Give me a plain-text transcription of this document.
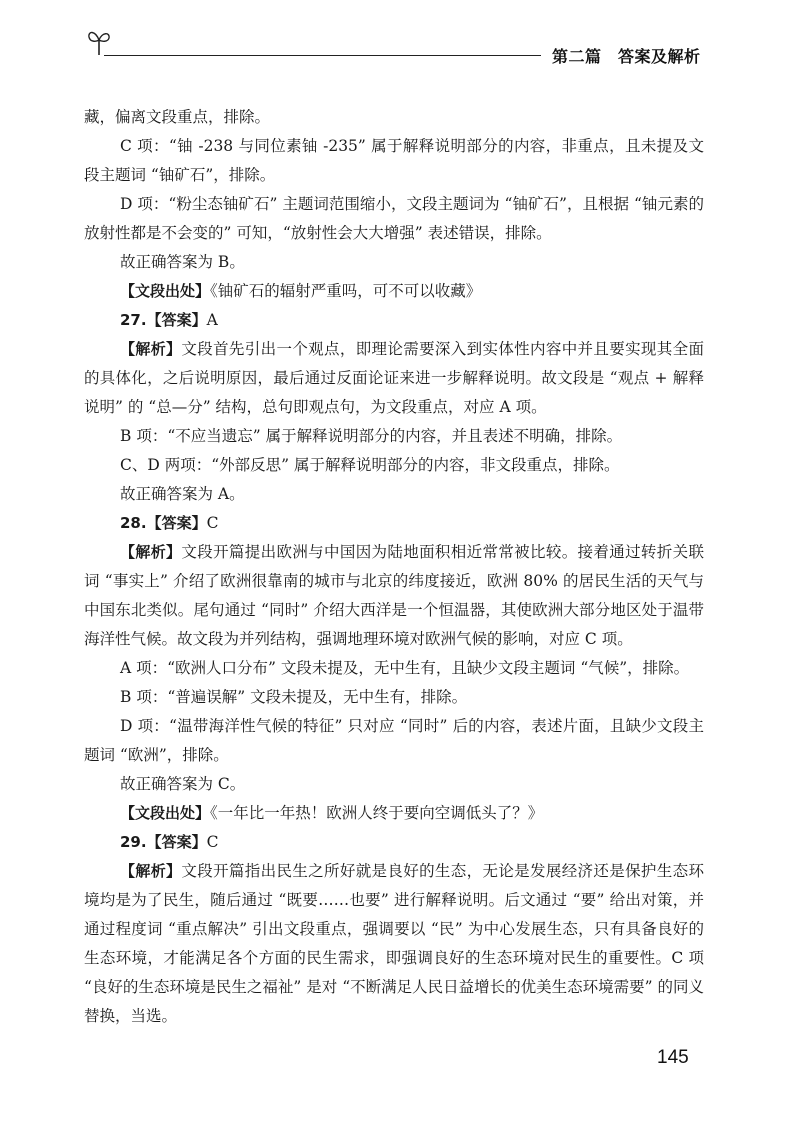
第二篇　答案及解析

藏，偏离文段重点，排除。

C 项：“铀 -238 与同位素铀 -235” 属于解释说明部分的内容，非重点，且未提及文段主题词 “铀矿石”，排除。

D 项：“粉尘态铀矿石” 主题词范围缩小，文段主题词为 “铀矿石”，且根据 “铀元素的放射性都是不会变的” 可知，“放射性会大大增强” 表述错误，排除。

故正确答案为 B。

【文段出处】《铀矿石的辐射严重吗，可不可以收藏》

27.【答案】A

【解析】文段首先引出一个观点，即理论需要深入到实体性内容中并且要实现其全面的具体化，之后说明原因，最后通过反面论证来进一步解释说明。故文段是 “观点 + 解释说明” 的 “总—分” 结构，总句即观点句，为文段重点，对应 A 项。

B 项：“不应当遗忘” 属于解释说明部分的内容，并且表述不明确，排除。

C、D 两项：“外部反思” 属于解释说明部分的内容，非文段重点，排除。

故正确答案为 A。

28.【答案】C

【解析】文段开篇提出欧洲与中国因为陆地面积相近常常被比较。接着通过转折关联词 “事实上” 介绍了欧洲很靠南的城市与北京的纬度接近，欧洲 80% 的居民生活的天气与中国东北类似。尾句通过 “同时” 介绍大西洋是一个恒温器，其使欧洲大部分地区处于温带海洋性气候。故文段为并列结构，强调地理环境对欧洲气候的影响，对应 C 项。

A 项：“欧洲人口分布” 文段未提及，无中生有，且缺少文段主题词 “气候”，排除。

B 项：“普遍误解” 文段未提及，无中生有，排除。

D 项：“温带海洋性气候的特征” 只对应 “同时” 后的内容，表述片面，且缺少文段主题词 “欧洲”，排除。

故正确答案为 C。

【文段出处】《一年比一年热！欧洲人终于要向空调低头了？》

29.【答案】C

【解析】文段开篇指出民生之所好就是良好的生态，无论是发展经济还是保护生态环境均是为了民生，随后通过 “既要……也要” 进行解释说明。后文通过 “要” 给出对策，并通过程度词 “重点解决” 引出文段重点，强调要以 “民” 为中心发展生态，只有具备良好的生态环境，才能满足各个方面的民生需求，即强调良好的生态环境对民生的重要性。C 项 “良好的生态环境是民生之福祉” 是对 “不断满足人民日益增长的优美生态环境需要” 的同义替换，当选。

145
